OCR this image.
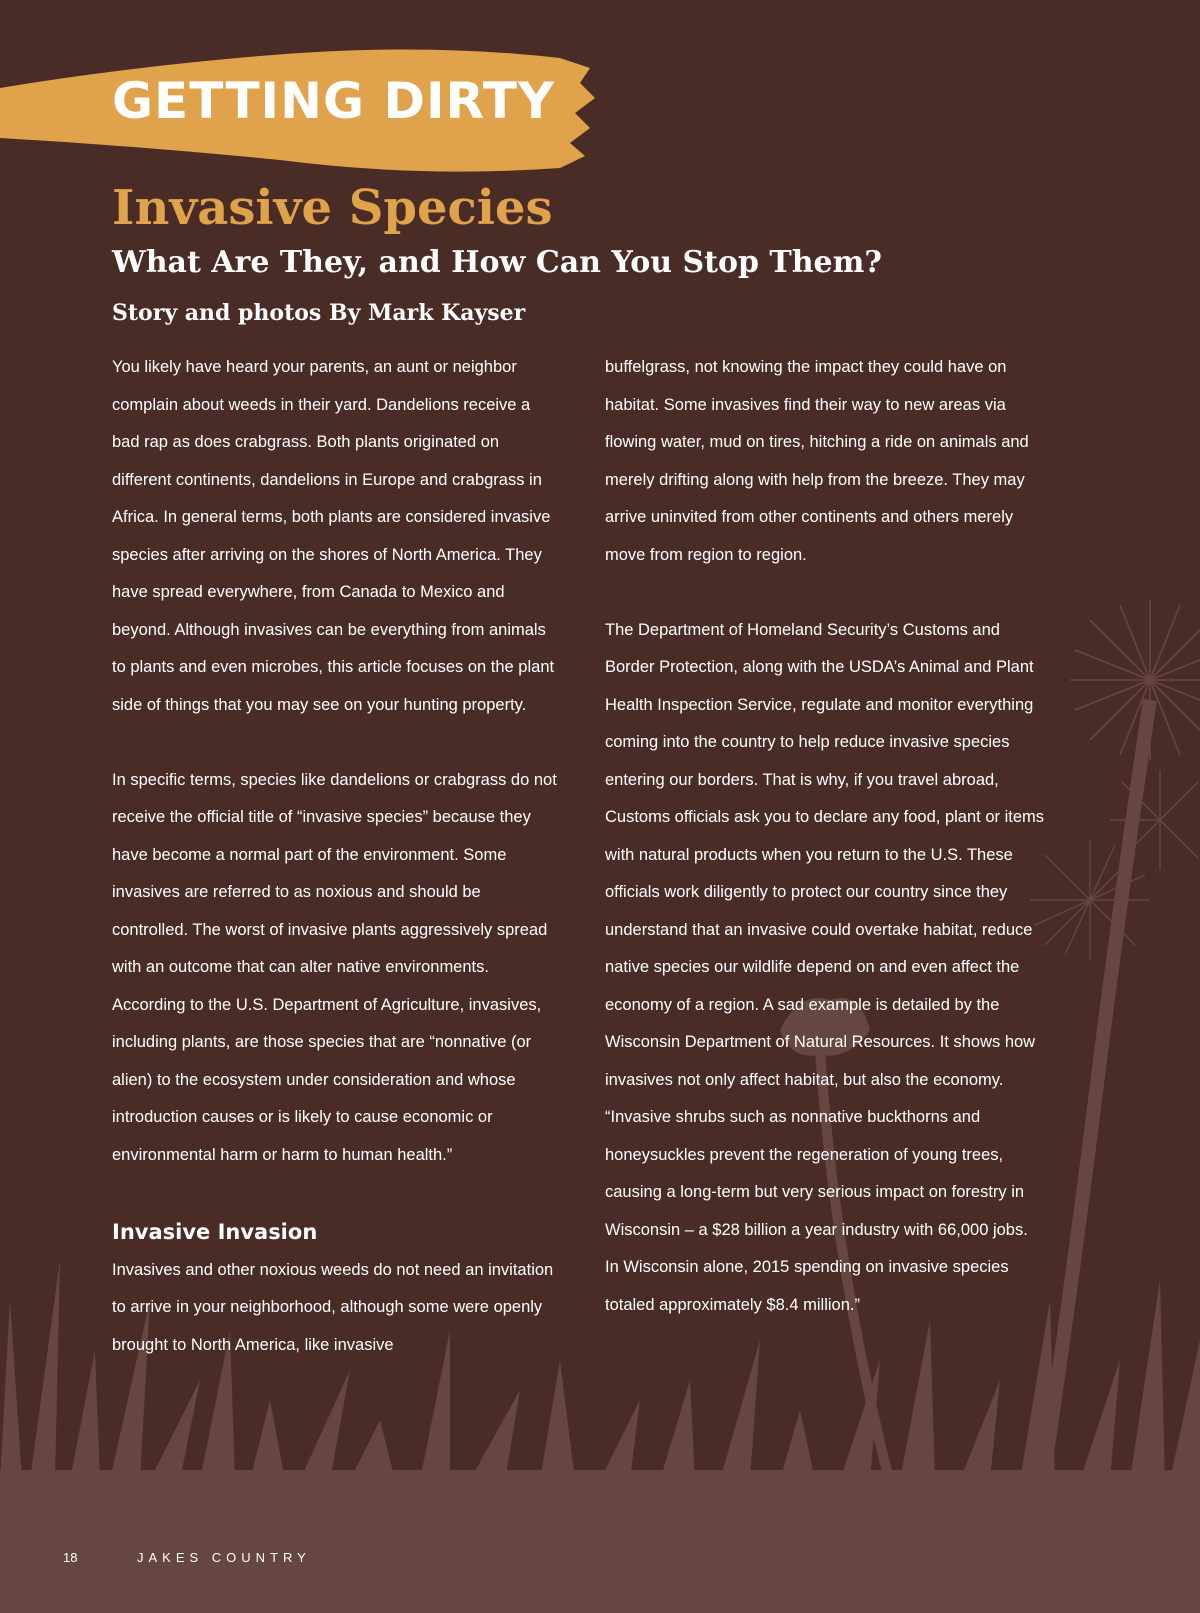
GETTING DIRTY
Invasive Species
What Are They, and How Can You Stop Them?
Story and photos By Mark Kayser

You likely have heard your parents, an aunt or neighbor complain about weeds in their yard. Dandelions receive a bad rap as does crabgrass. Both plants originated on different continents, dandelions in Europe and crabgrass in Africa. In general terms, both plants are considered invasive species after arriving on the shores of North America. They have spread everywhere, from Canada to Mexico and beyond. Although invasives can be everything from animals to plants and even microbes, this article focuses on the plant side of things that you may see on your hunting property.

In specific terms, species like dandelions or crabgrass do not receive the official title of “invasive species” because they have become a normal part of the environment. Some invasives are referred to as noxious and should be controlled. The worst of invasive plants aggressively spread with an outcome that can alter native environments. According to the U.S. Department of Agriculture, invasives, including plants, are those species that are “nonnative (or alien) to the ecosystem under consideration and whose introduction causes or is likely to cause economic or environmental harm or harm to human health.”

Invasive Invasion

Invasives and other noxious weeds do not need an invitation to arrive in your neighborhood, although some were openly brought to North America, like invasive

buffelgrass, not knowing the impact they could have on habitat. Some invasives find their way to new areas via flowing water, mud on tires, hitching a ride on animals and merely drifting along with help from the breeze. They may arrive uninvited from other continents and others merely move from region to region.

The Department of Homeland Security’s Customs and Border Protection, along with the USDA’s Animal and Plant Health Inspection Service, regulate and monitor everything coming into the country to help reduce invasive species entering our borders. That is why, if you travel abroad, Customs officials ask you to declare any food, plant or items with natural products when you return to the U.S. These officials work diligently to protect our country since they understand that an invasive could overtake habitat, reduce native species our wildlife depend on and even affect the economy of a region. A sad example is detailed by the Wisconsin Department of Natural Resources. It shows how invasives not only affect habitat, but also the economy. “Invasive shrubs such as nonnative buckthorns and honeysuckles prevent the regeneration of young trees, causing a long-term but very serious impact on forestry in Wisconsin – a $28 billion a year industry with 66,000 jobs. In Wisconsin alone, 2015 spending on invasive species totaled approximately $8.4 million.”

18	JAKES COUNTRY
